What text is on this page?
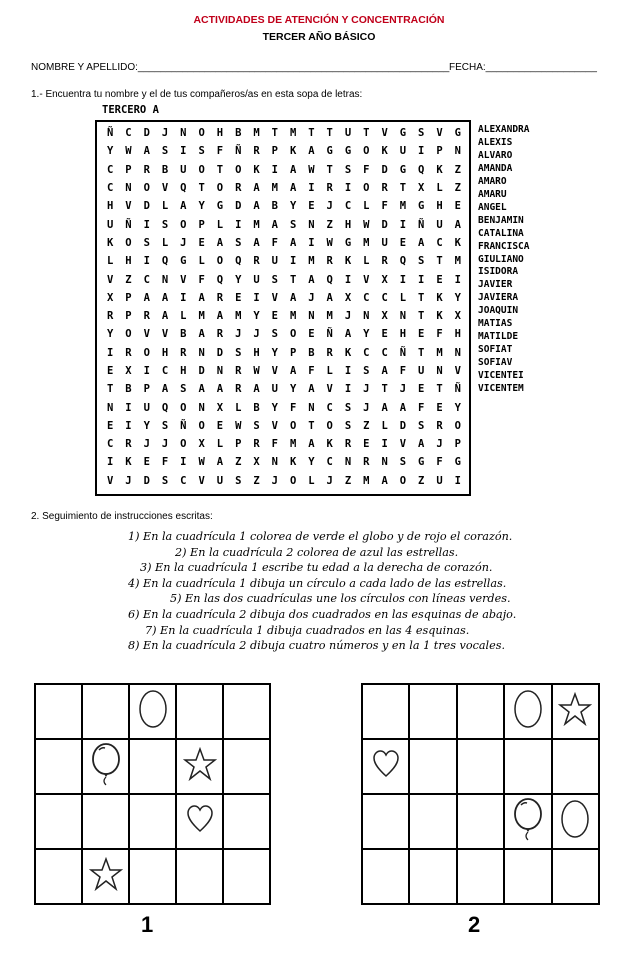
ACTIVIDADES DE ATENCIÓN Y CONCENTRACIÓN
TERCER AÑO BÁSICO
NOMBRE Y APELLIDO:________________________________________________________ FECHA:____________________
1.- Encuentra tu nombre y el de tus compañeros/as en esta sopa de letras:
TERCERO A
Ñ	C	D	J	N	O	H	B	M	T	M	T	T	U	T	V	G	S	V	G
Y	W	A	S	I	S	F	Ñ	R	P	K	A	G	G	O	K	U	I	P	N
C	P	R	B	U	O	T	O	K	I	A	W	T	S	F	D	G	Q	K	Z
C	N	O	V	Q	T	O	R	A	M	A	I	R	I	O	R	T	X	L	Z
H	V	D	L	A	Y	G	D	A	B	Y	E	J	C	L	F	M	G	H	E
U	Ñ	I	S	O	P	L	I	M	A	S	N	Z	H	W	D	I	Ñ	U	A
K	O	S	L	J	E	A	S	A	F	A	I	W	G	M	U	E	A	C	K
L	H	I	Q	G	L	O	Q	R	U	I	M	R	K	L	R	Q	S	T	M
V	Z	C	N	V	F	Q	Y	U	S	T	A	Q	I	V	X	I	I	E	I
X	P	A	A	I	A	R	E	I	V	A	J	A	X	C	C	L	T	K	Y
R	P	R	A	L	M	A	M	Y	E	M	N	M	J	N	X	N	T	K	X
Y	O	V	V	B	A	R	J	J	S	O	E	Ñ	A	Y	E	H	E	F	H
I	R	O	H	R	N	D	S	H	Y	P	B	R	K	C	C	Ñ	T	M	N
E	X	I	C	H	D	N	R	W	V	A	F	L	I	S	A	F	U	N	V
T	B	P	A	S	A	A	R	A	U	Y	A	V	I	J	T	J	E	T	Ñ
N	I	U	Q	O	N	X	L	B	Y	F	N	C	S	J	A	A	F	E	Y
E	I	Y	S	Ñ	O	E	W	S	V	O	T	O	S	Z	L	D	S	R	O
C	R	J	J	O	X	L	P	R	F	M	A	K	R	E	I	V	A	J	P
I	K	E	F	I	W	A	Z	X	N	K	Y	C	N	R	N	S	G	F	G
V	J	D	S	C	V	U	S	Z	J	O	L	J	Z	M	A	O	Z	U	I
ALEXANDRA
ALEXIS
ALVARO
AMANDA
AMARO
AMARU
ANGEL
BENJAMIN
CATALINA
FRANCISCA
GIULIANO
ISIDORA
JAVIER
JAVIERA
JOAQUIN
MATIAS
MATILDE
SOFIAT
SOFIAV
VICENTEI
VICENTEM
2. Seguimiento de instrucciones escritas:
1) En la cuadrícula 1 colorea de verde el globo y de rojo el corazón.
2) En la cuadrícula 2 colorea de azul las estrellas.
3) En la cuadrícula 1 escribe tu edad a la derecha de corazón.
4) En la cuadrícula 1 dibuja un círculo a cada lado de las estrellas.
5) En las dos cuadrículas une los círculos con líneas verdes.
6) En la cuadrícula 2 dibuja dos cuadrados en las esquinas de abajo.
7) En la cuadrícula 1 dibuja cuadrados en las 4 esquinas.
8) En la cuadrícula 2 dibuja cuatro números y en la 1 tres vocales.
1	2
